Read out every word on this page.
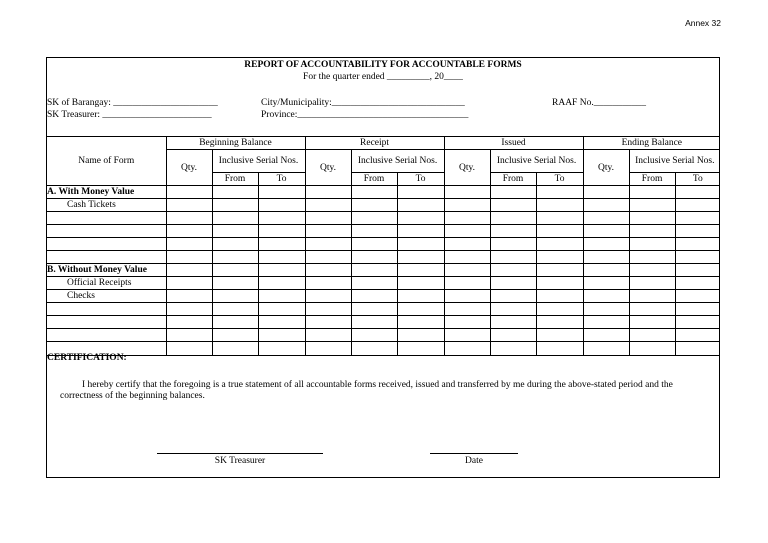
Annex 32
REPORT OF ACCOUNTABILITY FOR ACCOUNTABLE FORMS
For the quarter ended _________, 20____
SK of Barangay: ______________________
SK Treasurer: _______________________
City/Municipality:____________________________
Province:____________________________________
RAAF No.___________
Name of Form	Beginning Balance			Receipt			Issued			Ending Balance		
	Qty.	Inclusive Serial Nos.		Qty.	Inclusive Serial Nos.		Qty.	Inclusive Serial Nos.		Qty.	Inclusive Serial Nos.	
		From	To		From	To		From	To		From	To
A. With Money Value												
Cash Tickets												

B. Without Money Value												
Official Receipts												
Checks												

CERTIFICATION:
I hereby certify that the foregoing is a true statement of all accountable forms received, issued and transferred by me during the above-stated period and the correctness of the beginning balances.
SK Treasurer	Date
